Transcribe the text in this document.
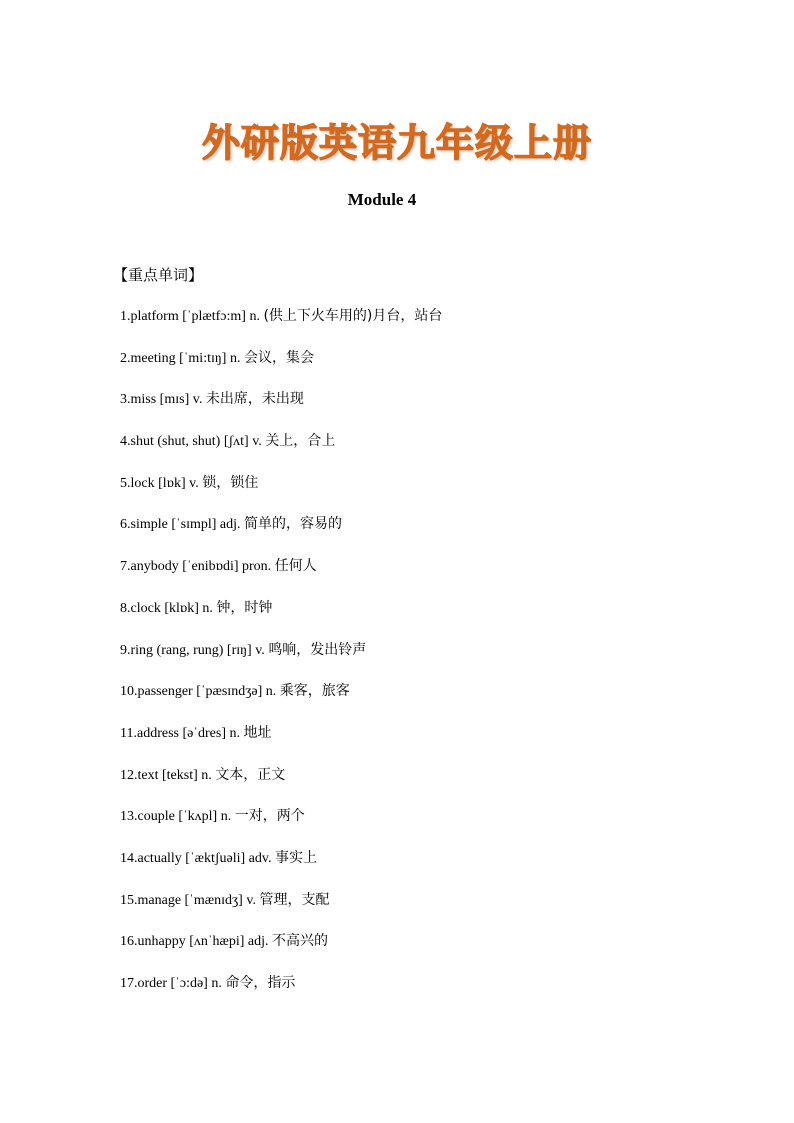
外研版英语九年级上册
Module 4
【重点单词】
1.platform [ˈplætfɔ:m] n. (供上下火车用的)月台，站台
2.meeting [ˈmi:tɪŋ] n. 会议，集会
3.miss [mɪs] v. 未出席，未出现
4.shut (shut, shut) [ʃʌt] v. 关上，合上
5.lock [lɒk] v. 锁，锁住
6.simple [ˈsɪmpl] adj. 简单的，容易的
7.anybody [ˈenibɒdi] pron. 任何人
8.clock [klɒk] n. 钟，时钟
9.ring (rang, rung) [rɪŋ] v. 鸣响，发出铃声
10.passenger [ˈpæsɪndʒə] n. 乘客，旅客
11.address [əˈdres] n. 地址
12.text [tekst] n. 文本，正文
13.couple [ˈkʌpl] n. 一对，两个
14.actually [ˈæktʃuəli] adv. 事实上
15.manage [ˈmænɪdʒ] v. 管理，支配
16.unhappy [ʌnˈhæpi] adj. 不高兴的
17.order [ˈɔ:də] n. 命令，指示
